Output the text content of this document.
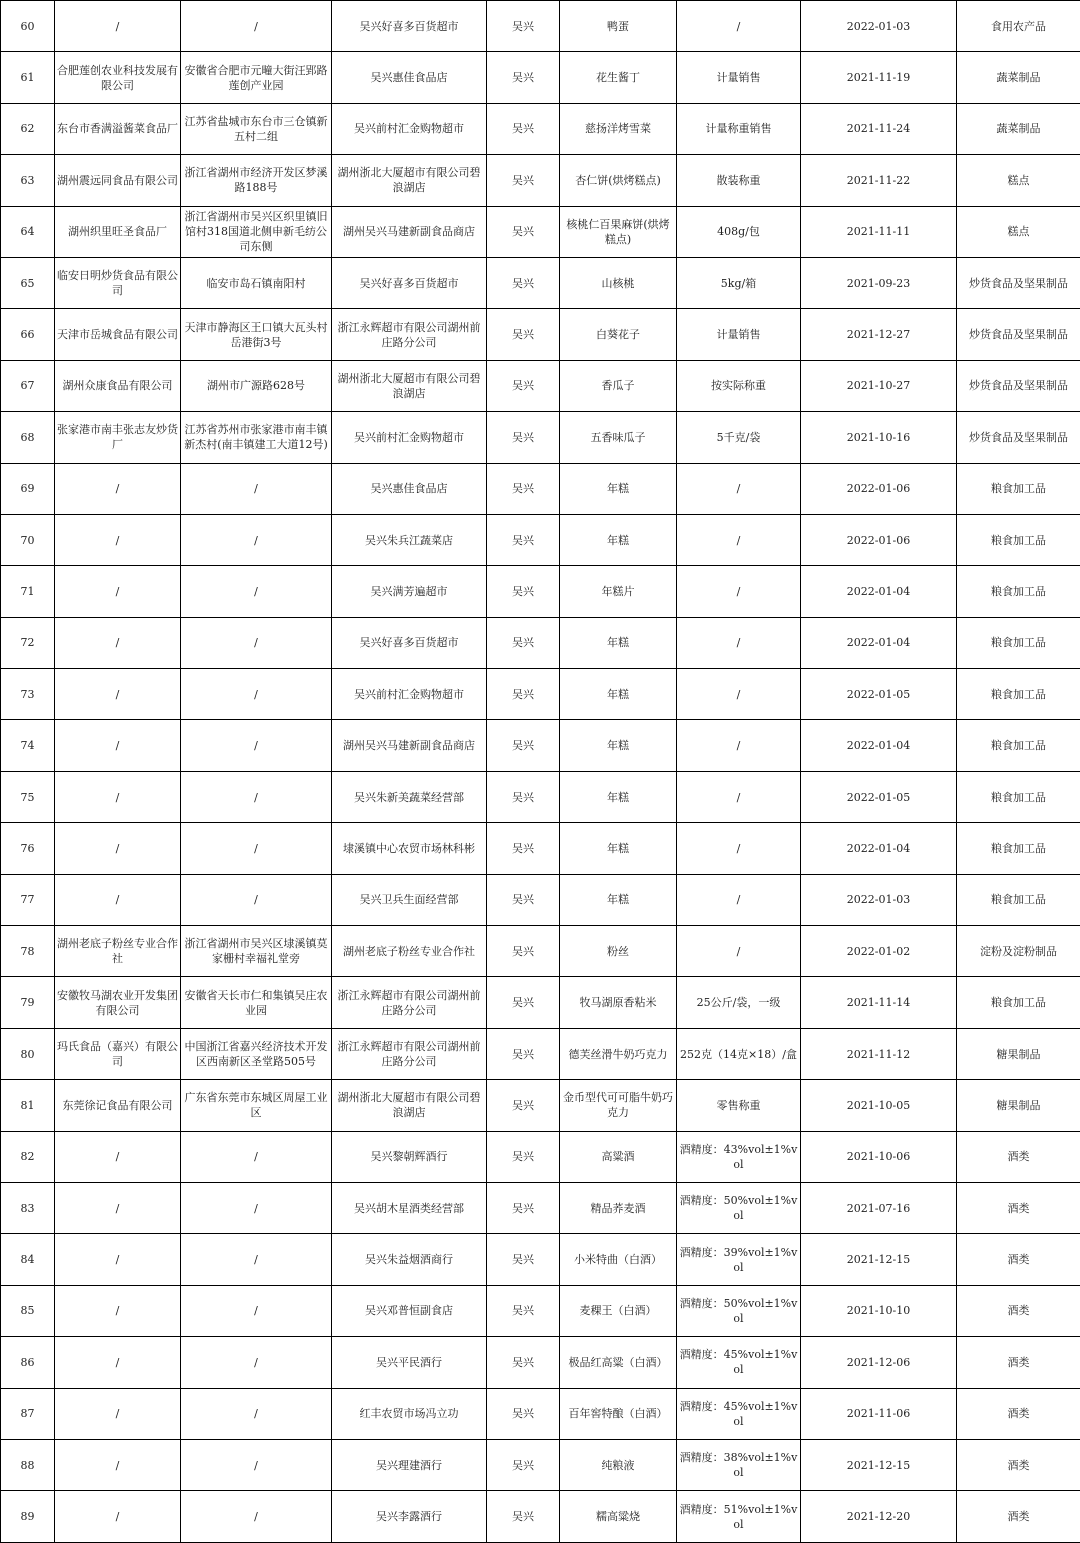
60	/	/	吴兴好喜多百货超市	吴兴	鸭蛋	/	2022-01-03	食用农产品
61	合肥莲创农业科技发展有限公司	安徽省合肥市元疃大街汪郢路莲创产业园	吴兴惠佳食品店	吴兴	花生酱丁	计量销售	2021-11-19	蔬菜制品
62	东台市香满溢酱菜食品厂	江苏省盐城市东台市三仓镇新五村二组	吴兴前村汇金购物超市	吴兴	慈扬洋烤雪菜	计量称重销售	2021-11-24	蔬菜制品
63	湖州震远同食品有限公司	浙江省湖州市经济开发区梦溪路188号	湖州浙北大厦超市有限公司碧浪湖店	吴兴	杏仁饼(烘烤糕点)	散装称重	2021-11-22	糕点
64	湖州织里旺圣食品厂	浙江省湖州市吴兴区织里镇旧馆村318国道北侧申新毛纺公司东侧	湖州吴兴马建新副食品商店	吴兴	核桃仁百果麻饼(烘烤糕点)	408g/包	2021-11-11	糕点
65	临安日明炒货食品有限公司	临安市岛石镇南阳村	吴兴好喜多百货超市	吴兴	山核桃	5kg/箱	2021-09-23	炒货食品及坚果制品
66	天津市岳城食品有限公司	天津市静海区王口镇大瓦头村岳港街3号	浙江永辉超市有限公司湖州前庄路分公司	吴兴	白葵花子	计量销售	2021-12-27	炒货食品及坚果制品
67	湖州众康食品有限公司	湖州市广源路628号	湖州浙北大厦超市有限公司碧浪湖店	吴兴	香瓜子	按实际称重	2021-10-27	炒货食品及坚果制品
68	张家港市南丰张志友炒货厂	江苏省苏州市张家港市南丰镇新杰村(南丰镇建工大道12号)	吴兴前村汇金购物超市	吴兴	五香味瓜子	5千克/袋	2021-10-16	炒货食品及坚果制品
69	/	/	吴兴惠佳食品店	吴兴	年糕	/	2022-01-06	粮食加工品
70	/	/	吴兴朱兵江蔬菜店	吴兴	年糕	/	2022-01-06	粮食加工品
71	/	/	吴兴满芳遍超市	吴兴	年糕片	/	2022-01-04	粮食加工品
72	/	/	吴兴好喜多百货超市	吴兴	年糕	/	2022-01-04	粮食加工品
73	/	/	吴兴前村汇金购物超市	吴兴	年糕	/	2022-01-05	粮食加工品
74	/	/	湖州吴兴马建新副食品商店	吴兴	年糕	/	2022-01-04	粮食加工品
75	/	/	吴兴朱新美蔬菜经营部	吴兴	年糕	/	2022-01-05	粮食加工品
76	/	/	埭溪镇中心农贸市场林科彬	吴兴	年糕	/	2022-01-04	粮食加工品
77	/	/	吴兴卫兵生面经营部	吴兴	年糕	/	2022-01-03	粮食加工品
78	湖州老底子粉丝专业合作社	浙江省湖州市吴兴区埭溪镇莫家栅村幸福礼堂旁	湖州老底子粉丝专业合作社	吴兴	粉丝	/	2022-01-02	淀粉及淀粉制品
79	安徽牧马湖农业开发集团有限公司	安徽省天长市仁和集镇吴庄农业园	浙江永辉超市有限公司湖州前庄路分公司	吴兴	牧马湖原香粘米	25公斤/袋，一级	2021-11-14	粮食加工品
80	玛氏食品（嘉兴）有限公司	中国浙江省嘉兴经济技术开发区西南新区圣堂路505号	浙江永辉超市有限公司湖州前庄路分公司	吴兴	德芙丝滑牛奶巧克力	252克（14克×18）/盒	2021-11-12	糖果制品
81	东莞徐记食品有限公司	广东省东莞市东城区周屋工业区	湖州浙北大厦超市有限公司碧浪湖店	吴兴	金币型代可可脂牛奶巧克力	零售称重	2021-10-05	糖果制品
82	/	/	吴兴黎朝辉酒行	吴兴	高粱酒	酒精度：43%vol±1%vol	2021-10-06	酒类
83	/	/	吴兴胡木星酒类经营部	吴兴	精品荞麦酒	酒精度：50%vol±1%vol	2021-07-16	酒类
84	/	/	吴兴朱益烟酒商行	吴兴	小米特曲（白酒）	酒精度：39%vol±1%vol	2021-12-15	酒类
85	/	/	吴兴邓普恒副食店	吴兴	麦稞王（白酒）	酒精度：50%vol±1%vol	2021-10-10	酒类
86	/	/	吴兴平民酒行	吴兴	极品红高粱（白酒）	酒精度：45%vol±1%vol	2021-12-06	酒类
87	/	/	红丰农贸市场冯立功	吴兴	百年窖特酿（白酒）	酒精度：45%vol±1%vol	2021-11-06	酒类
88	/	/	吴兴理建酒行	吴兴	纯粮液	酒精度：38%vol±1%vol	2021-12-15	酒类
89	/	/	吴兴李露酒行	吴兴	糯高粱烧	酒精度：51%vol±1%vol	2021-12-20	酒类
